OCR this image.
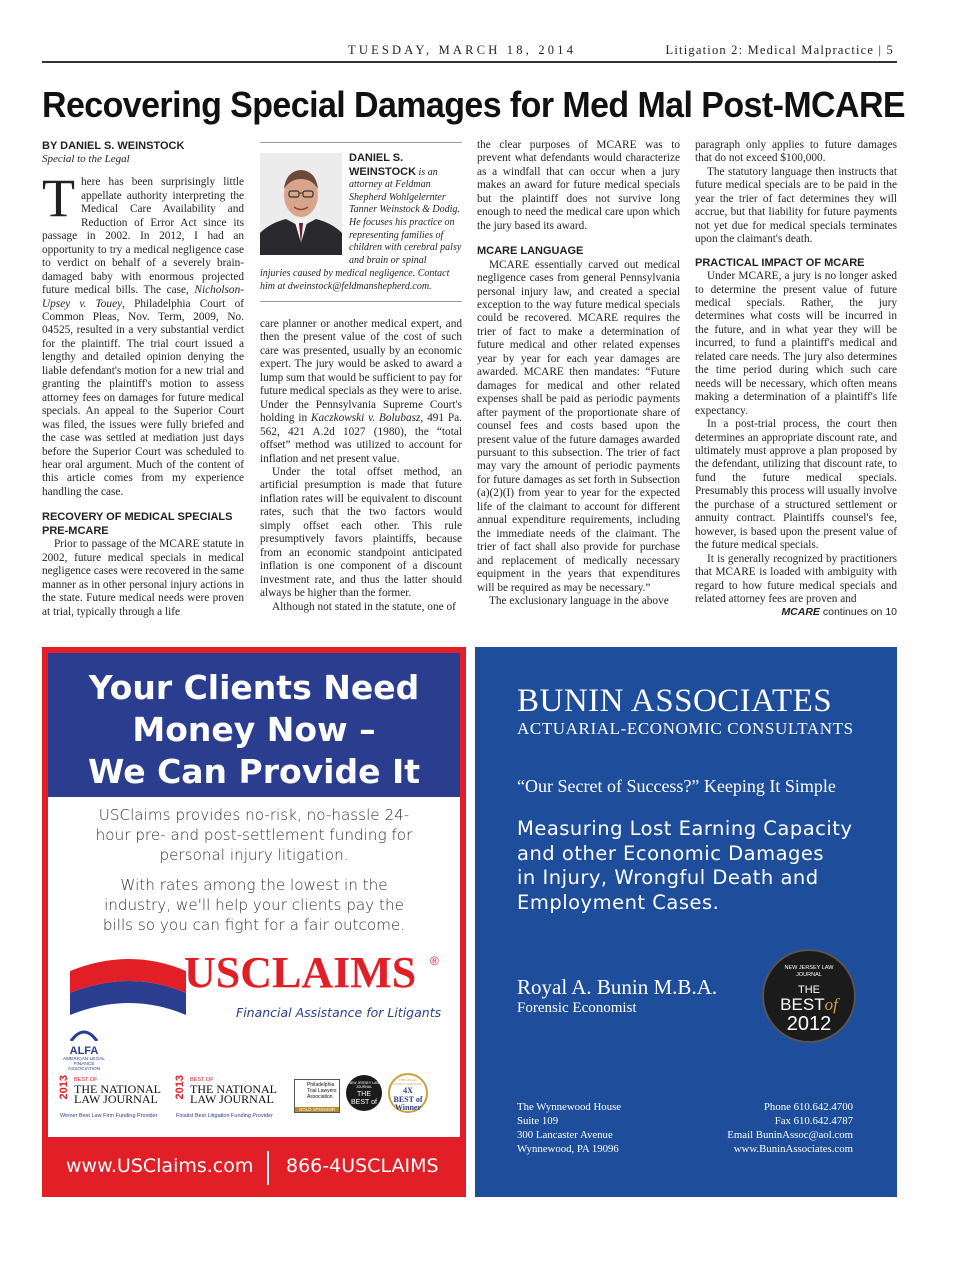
TUESDAY, MARCH 18, 2014	Litigation 2: Medical Malpractice | 5
Recovering Special Damages for Med Mal Post-MCARE
BY DANIEL S. WEINSTOCK
Special to the Legal

There has been surprisingly little appellate authority interpreting the Medical Care Availability and Reduction of Error Act since its passage in 2002. In 2012, I had an opportunity to try a medical negligence case to verdict on behalf of a severely brain-damaged baby with enormous projected future medical bills. The case, Nicholson-Upsey v. Touey, Philadelphia Court of Common Pleas, Nov. Term, 2009, No. 04525, resulted in a very substantial verdict for the plaintiff. The trial court issued a lengthy and detailed opinion denying the liable defendant's motion for a new trial and granting the plaintiff's motion to assess attorney fees on damages for future medical specials. An appeal to the Superior Court was filed, the issues were fully briefed and the case was settled at mediation just days before the Superior Court was scheduled to hear oral argument. Much of the content of this article comes from my experience handling the case.

RECOVERY OF MEDICAL SPECIALS PRE-MCARE

Prior to passage of the MCARE statute in 2002, future medical specials in medical negligence cases were recovered in the same manner as in other personal injury actions in the state. Future medical needs were proven at trial, typically through a life

DANIEL S. WEINSTOCK is an attorney at Feldman Shepherd Wohlgelernter Tanner Weinstock & Dodig. He focuses his practice on representing families of children with cerebral palsy and brain or spinal
injuries caused by medical negligence. Contact him at dweinstock@feldmanshepherd.com.

care planner or another medical expert, and then the present value of the cost of such care was presented, usually by an economic expert. The jury would be asked to award a lump sum that would be sufficient to pay for future medical specials as they were to arise. Under the Pennsylvania Supreme Court's holding in Kaczkowski v. Bolubasz, 491 Pa. 562, 421 A.2d 1027 (1980), the “total offset” method was utilized to account for inflation and net present value.

Under the total offset method, an artificial presumption is made that future inflation rates will be equivalent to discount rates, such that the two factors would simply offset each other. This rule presumptively favors plaintiffs, because from an economic standpoint anticipated inflation is one component of a discount investment rate, and thus the latter should always be higher than the former.

Although not stated in the statute, one of

the clear purposes of MCARE was to prevent what defendants would characterize as a windfall that can occur when a jury makes an award for future medical specials but the plaintiff does not survive long enough to need the medical care upon which the jury based its award.

MCARE LANGUAGE

MCARE essentially carved out medical negligence cases from general Pennsylvania personal injury law, and created a special exception to the way future medical specials could be recovered. MCARE requires the trier of fact to make a determination of future medical and other related expenses year by year for each year damages are awarded. MCARE then mandates: “Future damages for medical and other related expenses shall be paid as periodic payments after payment of the proportionate share of counsel fees and costs based upon the present value of the future damages awarded pursuant to this subsection. The trier of fact may vary the amount of periodic payments for future damages as set forth in Subsection (a)(2)(I) from year to year for the expected life of the claimant to account for different annual expenditure requirements, including the immediate needs of the claimant. The trier of fact shall also provide for purchase and replacement of medically necessary equipment in the years that expenditures will be required as may be necessary.”

The exclusionary language in the above

paragraph only applies to future damages that do not exceed $100,000.

The statutory language then instructs that future medical specials are to be paid in the year the trier of fact determines they will accrue, but that liability for future payments not yet due for medical specials terminates upon the claimant's death.

PRACTICAL IMPACT OF MCARE

Under MCARE, a jury is no longer asked to determine the present value of future medical specials. Rather, the jury determines what costs will be incurred in the future, and in what year they will be incurred, to fund a plaintiff's medical and related care needs. The jury also determines the time period during which such care needs will be necessary, which often means making a determination of a plaintiff's life expectancy.

In a post-trial process, the court then determines an appropriate discount rate, and ultimately must approve a plan proposed by the defendant, utilizing that discount rate, to fund the future medical specials. Presumably this process will usually involve the purchase of a structured settlement or annuity contract. Plaintiffs counsel's fee, however, is based upon the present value of the future medical specials.

It is generally recognized by practitioners that MCARE is loaded with ambiguity with regard to how future medical specials and related attorney fees are proven and

MCARE continues on 10
Your Clients Need
Money Now –
We Can Provide It

USClaims provides no-risk, no-hassle 24-hour pre- and post-settlement funding for personal injury litigation.

With rates among the lowest in the industry, we'll help your clients pay the bills so you can fight for a fair outcome.

USCLAIMS ®
Financial Assistance for Litigants
ALFA
AMERICAN LEGAL FINANCE ASSOCIATION
2013 BEST OF
THE NATIONAL LAW JOURNAL
Winner Best Law Firm Funding Provider
2013 BEST OF
THE NATIONAL LAW JOURNAL
Finalist Best Litigation Funding Provider
Philadelphia Trial Lawyers Association
GOLD SPONSOR
NEW JERSEY LAW JOURNAL
THE BEST of
THE LEGAL INTELLIGENCER
4X BEST of Winner
www.USClaims.com 866-4USCLAIMS
BUNIN ASSOCIATES
ACTUARIAL-ECONOMIC CONSULTANTS
“Our Secret of Success?” Keeping It Simple
Measuring Lost Earning Capacity
and other Economic Damages
in Injury, Wrongful Death and
Employment Cases.
Royal A. Bunin M.B.A.
Forensic Economist
NEW JERSEY LAW JOURNAL
THE
BESTof
2012
The Wynnewood House
Suite 109
300 Lancaster Avenue
Wynnewood, PA 19096
Phone 610.642.4700
Fax 610.642.4787
Email BuninAssoc@aol.com
www.BuninAssociates.com
